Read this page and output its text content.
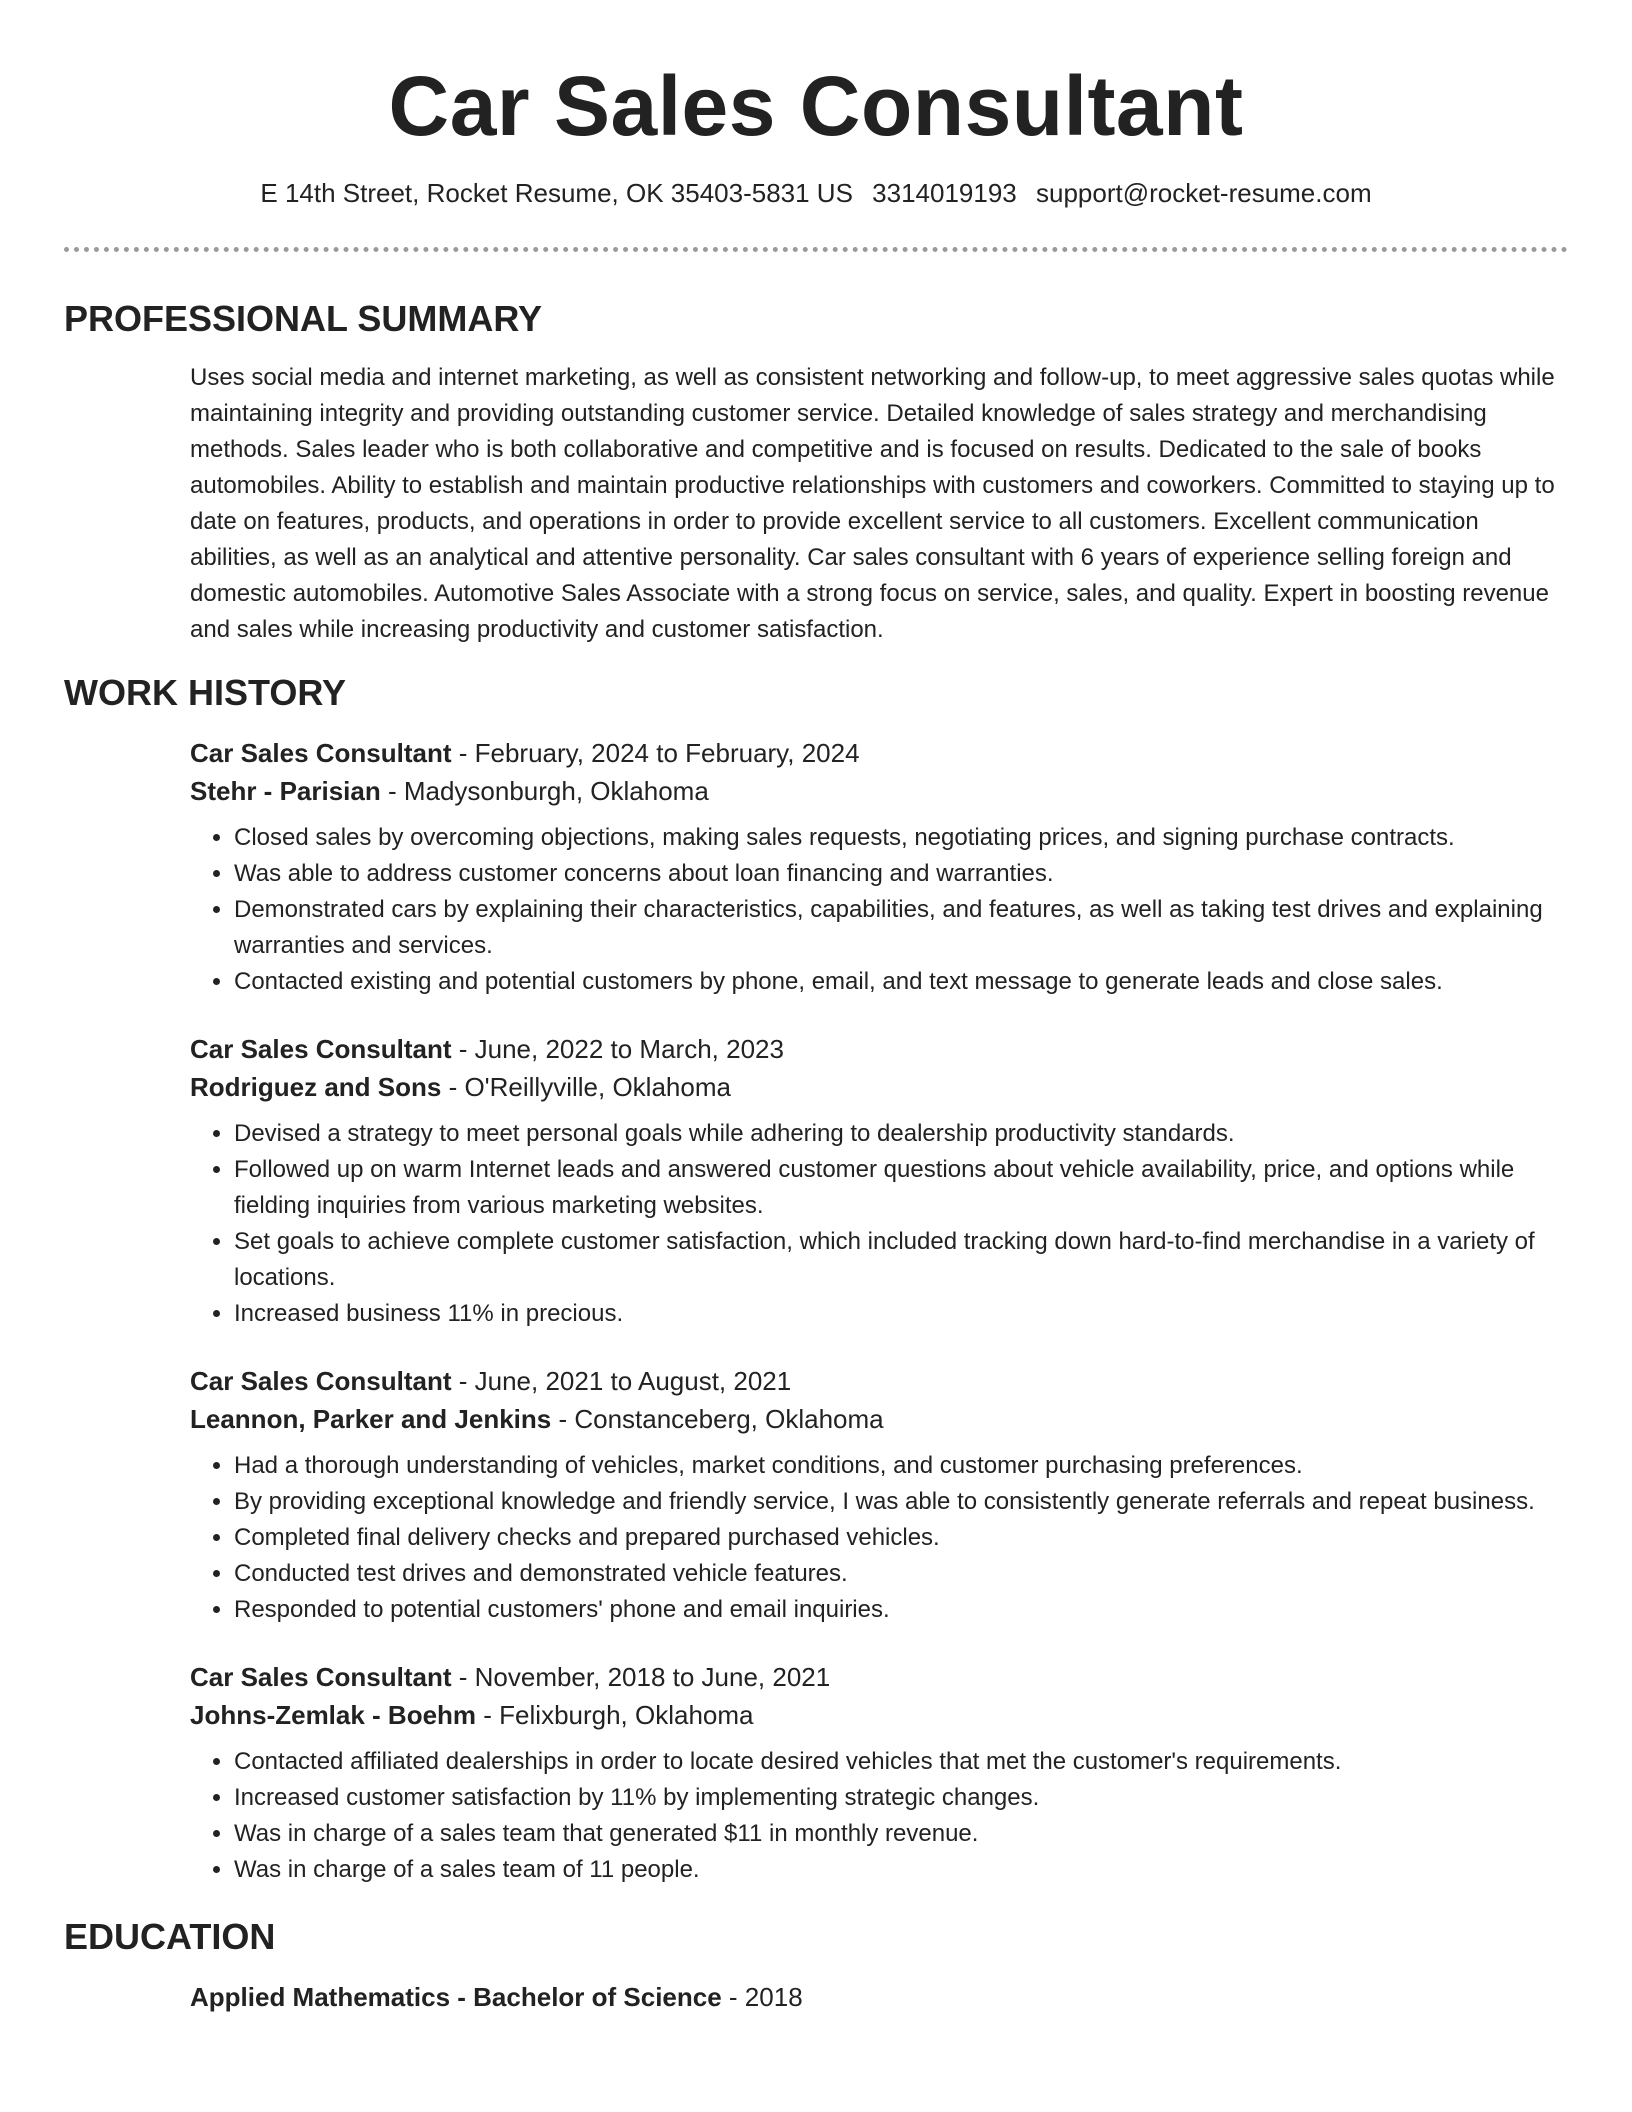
Car Sales Consultant
E 14th Street, Rocket Resume, OK 35403-5831 US 3314019193 support@rocket-resume.com
PROFESSIONAL SUMMARY
Uses social media and internet marketing, as well as consistent networking and follow-up, to meet aggressive sales quotas while maintaining integrity and providing outstanding customer service. Detailed knowledge of sales strategy and merchandising methods. Sales leader who is both collaborative and competitive and is focused on results. Dedicated to the sale of books automobiles. Ability to establish and maintain productive relationships with customers and coworkers. Committed to staying up to date on features, products, and operations in order to provide excellent service to all customers. Excellent communication abilities, as well as an analytical and attentive personality. Car sales consultant with 6 years of experience selling foreign and domestic automobiles. Automotive Sales Associate with a strong focus on service, sales, and quality. Expert in boosting revenue and sales while increasing productivity and customer satisfaction.
WORK HISTORY
Car Sales Consultant - February, 2024 to February, 2024
Stehr - Parisian - Madysonburgh, Oklahoma
• Closed sales by overcoming objections, making sales requests, negotiating prices, and signing purchase contracts.
• Was able to address customer concerns about loan financing and warranties.
• Demonstrated cars by explaining their characteristics, capabilities, and features, as well as taking test drives and explaining warranties and services.
• Contacted existing and potential customers by phone, email, and text message to generate leads and close sales.
Car Sales Consultant - June, 2022 to March, 2023
Rodriguez and Sons - O'Reillyville, Oklahoma
• Devised a strategy to meet personal goals while adhering to dealership productivity standards.
• Followed up on warm Internet leads and answered customer questions about vehicle availability, price, and options while fielding inquiries from various marketing websites.
• Set goals to achieve complete customer satisfaction, which included tracking down hard-to-find merchandise in a variety of locations.
• Increased business 11% in precious.
Car Sales Consultant - June, 2021 to August, 2021
Leannon, Parker and Jenkins - Constanceberg, Oklahoma
• Had a thorough understanding of vehicles, market conditions, and customer purchasing preferences.
• By providing exceptional knowledge and friendly service, I was able to consistently generate referrals and repeat business.
• Completed final delivery checks and prepared purchased vehicles.
• Conducted test drives and demonstrated vehicle features.
• Responded to potential customers' phone and email inquiries.
Car Sales Consultant - November, 2018 to June, 2021
Johns-Zemlak - Boehm - Felixburgh, Oklahoma
• Contacted affiliated dealerships in order to locate desired vehicles that met the customer's requirements.
• Increased customer satisfaction by 11% by implementing strategic changes.
• Was in charge of a sales team that generated $11 in monthly revenue.
• Was in charge of a sales team of 11 people.
EDUCATION
Applied Mathematics - Bachelor of Science - 2018
